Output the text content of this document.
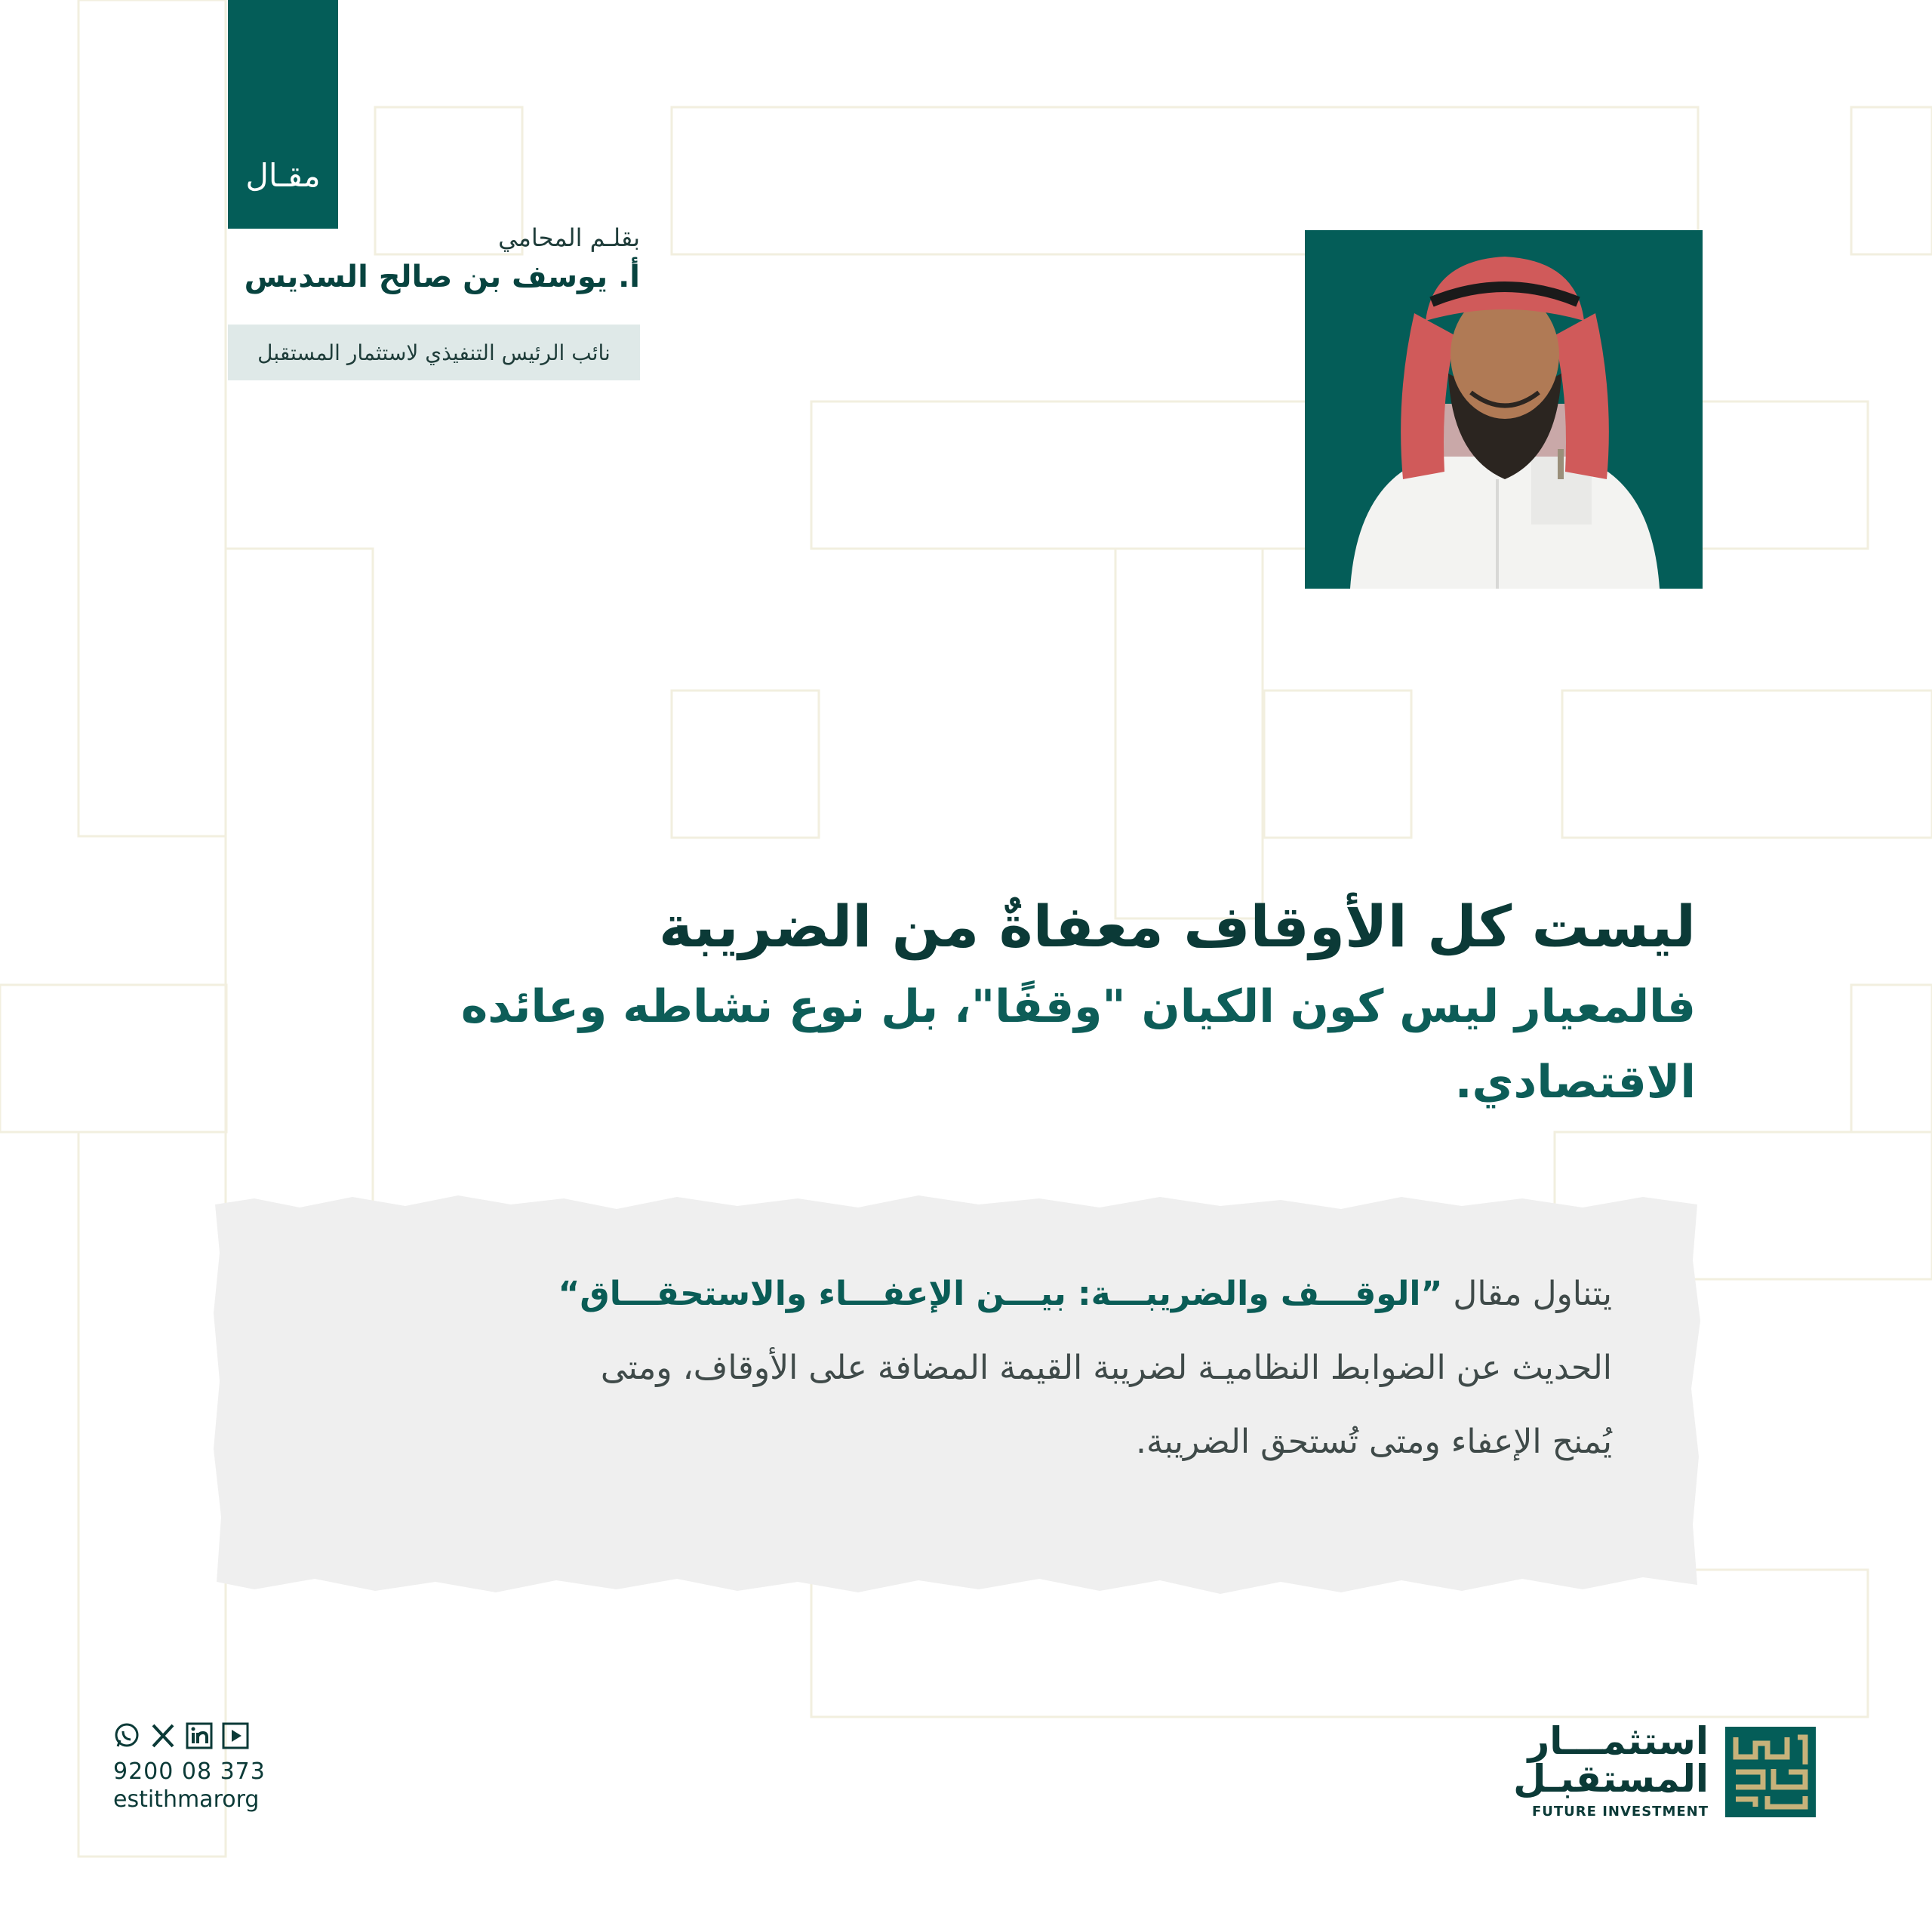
مقـال
بقلـم المحامي
أ. يوسف بن صالح السديس
نائب الرئيس التنفيذي لاستثمار المستقبل
ليست كل الأوقاف معفاةٌ من الضريبة
فالمعيار ليس كون الكيان "وقفًا"، بل نوع نشاطه وعائده الاقتصادي.
يتناول مقال ”الوقـــف والضريبـــة: بيـــن الإعفـــاء والاستحقـــاق“
الحديث عن الضوابط النظاميـة لضريبة القيمة المضافة على الأوقاف، ومتى
يُمنح الإعفاء ومتى تُستحق الضريبة.
9200 08 373
estithmarorg
استثمـــار
المستقبـل
FUTURE INVESTMENT
